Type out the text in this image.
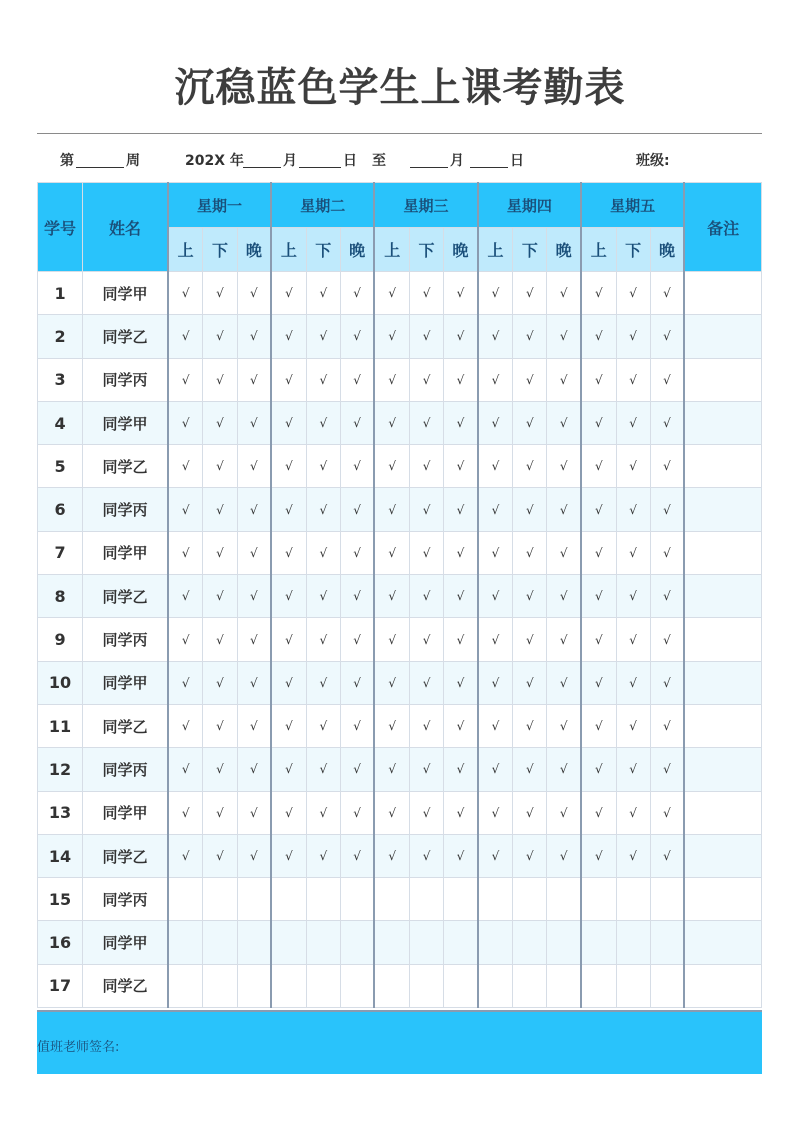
沉稳蓝色学生上课考勤表
第	周	202X 年	月	日 至	月	日	班级:
学号	姓名	星期一			星期二			星期三			星期四			星期五			备注
		上	下	晚	上	下	晚	上	下	晚	上	下	晚	上	下	晚	
1	同学甲	√	√	√	√	√	√	√	√	√	√	√	√	√	√	√	
2	同学乙	√	√	√	√	√	√	√	√	√	√	√	√	√	√	√	
3	同学丙	√	√	√	√	√	√	√	√	√	√	√	√	√	√	√	
4	同学甲	√	√	√	√	√	√	√	√	√	√	√	√	√	√	√	
5	同学乙	√	√	√	√	√	√	√	√	√	√	√	√	√	√	√	
6	同学丙	√	√	√	√	√	√	√	√	√	√	√	√	√	√	√	
7	同学甲	√	√	√	√	√	√	√	√	√	√	√	√	√	√	√	
8	同学乙	√	√	√	√	√	√	√	√	√	√	√	√	√	√	√	
9	同学丙	√	√	√	√	√	√	√	√	√	√	√	√	√	√	√	
10	同学甲	√	√	√	√	√	√	√	√	√	√	√	√	√	√	√	
11	同学乙	√	√	√	√	√	√	√	√	√	√	√	√	√	√	√	
12	同学丙	√	√	√	√	√	√	√	√	√	√	√	√	√	√	√	
13	同学甲	√	√	√	√	√	√	√	√	√	√	√	√	√	√	√	
14	同学乙	√	√	√	√	√	√	√	√	√	√	√	√	√	√	√	
15	同学丙																
16	同学甲																
17	同学乙																
值班老师签名:
